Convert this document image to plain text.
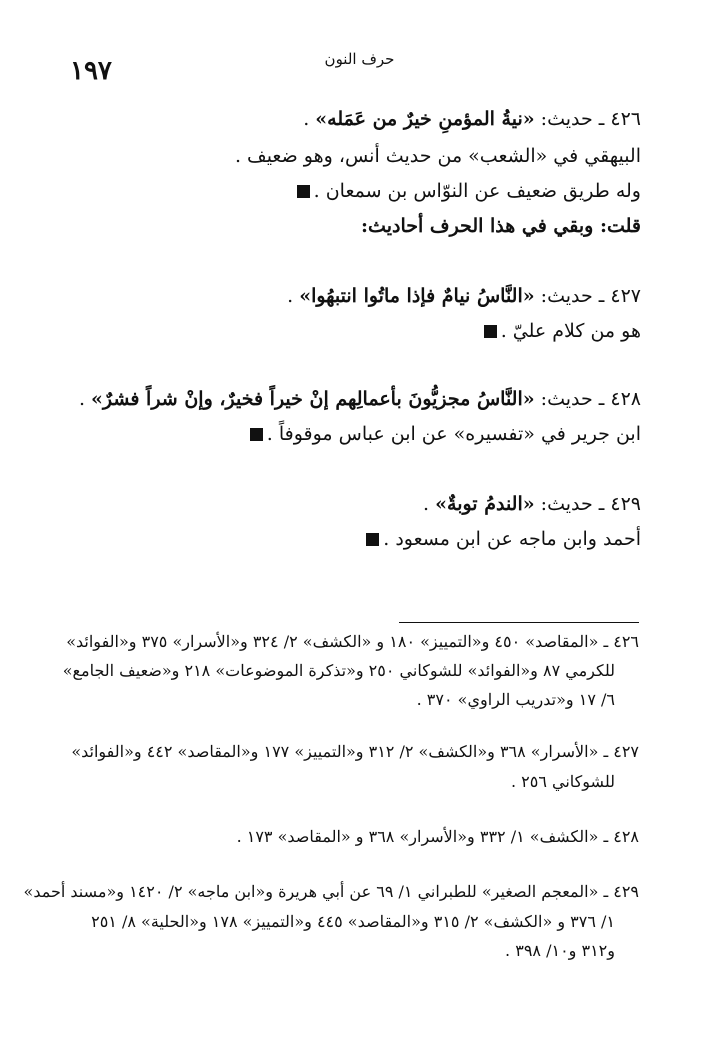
حرف النون
١٩٧
٤٢٦ ـ حديث: «نيةُ المؤمنِ خيرٌ من عَمَله» .
البيهقي في «الشعب» من حديث أنس، وهو ضعيف .
وله طريق ضعيف عن النوّاس بن سمعان .
قلت: وبقي في هذا الحرف أحاديث:
٤٢٧ ـ حديث: «النَّاسُ نيامٌ فإذا ماتُوا انتبهُوا» .
هو من كلام عليّ .
٤٢٨ ـ حديث: «النَّاسُ مجزيُّونَ بأعمالِهم إنْ خيراً فخيرٌ، وإنْ شراً فشرٌ» .
ابن جرير في «تفسيره» عن ابن عباس موقوفاً .
٤٢٩ ـ حديث: «الندمُ توبةٌ» .
أحمد وابن ماجه عن ابن مسعود .
٤٢٦ ـ «المقاصد» ٤٥٠ و«التمييز» ١٨٠ و «الكشف» ٢/ ٣٢٤ و«الأسرار» ٣٧٥ و«الفوائد»
للكرمي ٨٧ و«الفوائد» للشوكاني ٢٥٠ و«تذكرة الموضوعات» ٢١٨ و«ضعيف الجامع»
٦/ ١٧ و«تدريب الراوي» ٣٧٠ .
٤٢٧ ـ «الأسرار» ٣٦٨ و«الكشف» ٢/ ٣١٢ و«التمييز» ١٧٧ و«المقاصد» ٤٤٢ و«الفوائد»
للشوكاني ٢٥٦ .
٤٢٨ ـ «الكشف» ١/ ٣٣٢ و«الأسرار» ٣٦٨ و «المقاصد» ١٧٣ .
٤٢٩ ـ «المعجم الصغير» للطبراني ١/ ٦٩ عن أبي هريرة و«ابن ماجه» ٢/ ١٤٢٠ و«مسند أحمد»
١/ ٣٧٦ و «الكشف» ٢/ ٣١٥ و«المقاصد» ٤٤٥ و«التمييز» ١٧٨ و«الحلية» ٨/ ٢٥١
و٣١٢ و١٠/ ٣٩٨ .
